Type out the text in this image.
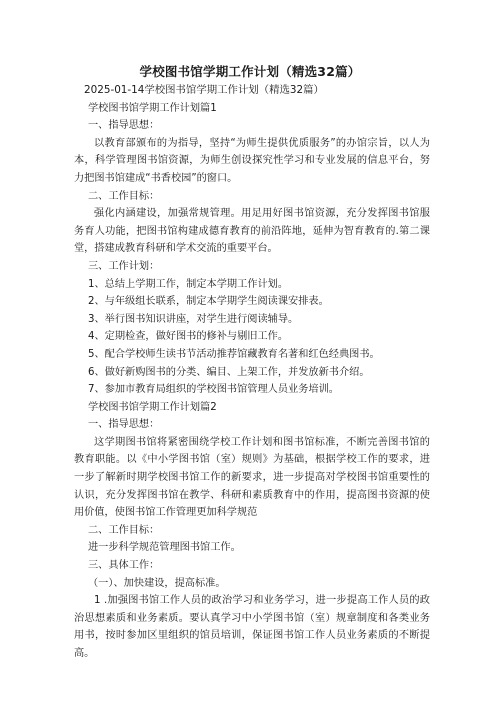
学校图书馆学期工作计划（精选32篇）
2025-01-14学校图书馆学期工作计划（精选32篇）
学校图书馆学期工作计划篇1
一、指导思想：

以教育部颁布的为指导，坚持“为师生提供优质服务”的办馆宗旨，以人为本，科学管理图书馆资源，为师生创设探究性学习和专业发展的信息平台，努力把图书馆建成“书香校园”的窗口。

二、工作目标：

强化内涵建设，加强常规管理。用足用好图书馆资源，充分发挥图书馆服务育人功能，把图书馆构建成德育教育的前沿阵地，延伸为智育教育的.第二课堂，搭建成教育科研和学术交流的重要平台。

三、工作计划：
1、总结上学期工作，制定本学期工作计划。
2、与年级组长联系，制定本学期学生阅读课安排表。
3、举行图书知识讲座，对学生进行阅读辅导。
4、定期检查，做好图书的修补与剔旧工作。
5、配合学校师生读书节活动推荐馆藏教育名著和红色经典图书。
6、做好新购图书的分类、编目、上架工作，并发放新书介绍。
7、参加市教育局组织的学校图书馆管理人员业务培训。
学校图书馆学期工作计划篇2
一、指导思想：

这学期图书馆将紧密围绕学校工作计划和图书馆标准，不断完善图书馆的教育职能。以《中小学图书馆（室）规则》为基础，根据学校工作的要求，进一步了解新时期学校图书馆工作的新要求，进一步提高对学校图书馆重要性的认识，充分发挥图书馆在教学、科研和素质教育中的作用，提高图书资源的使用价值，使图书馆工作管理更加科学规范

二、工作目标：
进一步科学规范管理图书馆工作。
三、具体工作：
（一）、加快建设，提高标准。

1 .加强图书馆工作人员的政治学习和业务学习，进一步提高工作人员的政治思想素质和业务素质。要认真学习中小学图书馆（室）规章制度和各类业务用书，按时参加区里组织的馆员培训，保证图书馆工作人员业务素质的不断提高。
